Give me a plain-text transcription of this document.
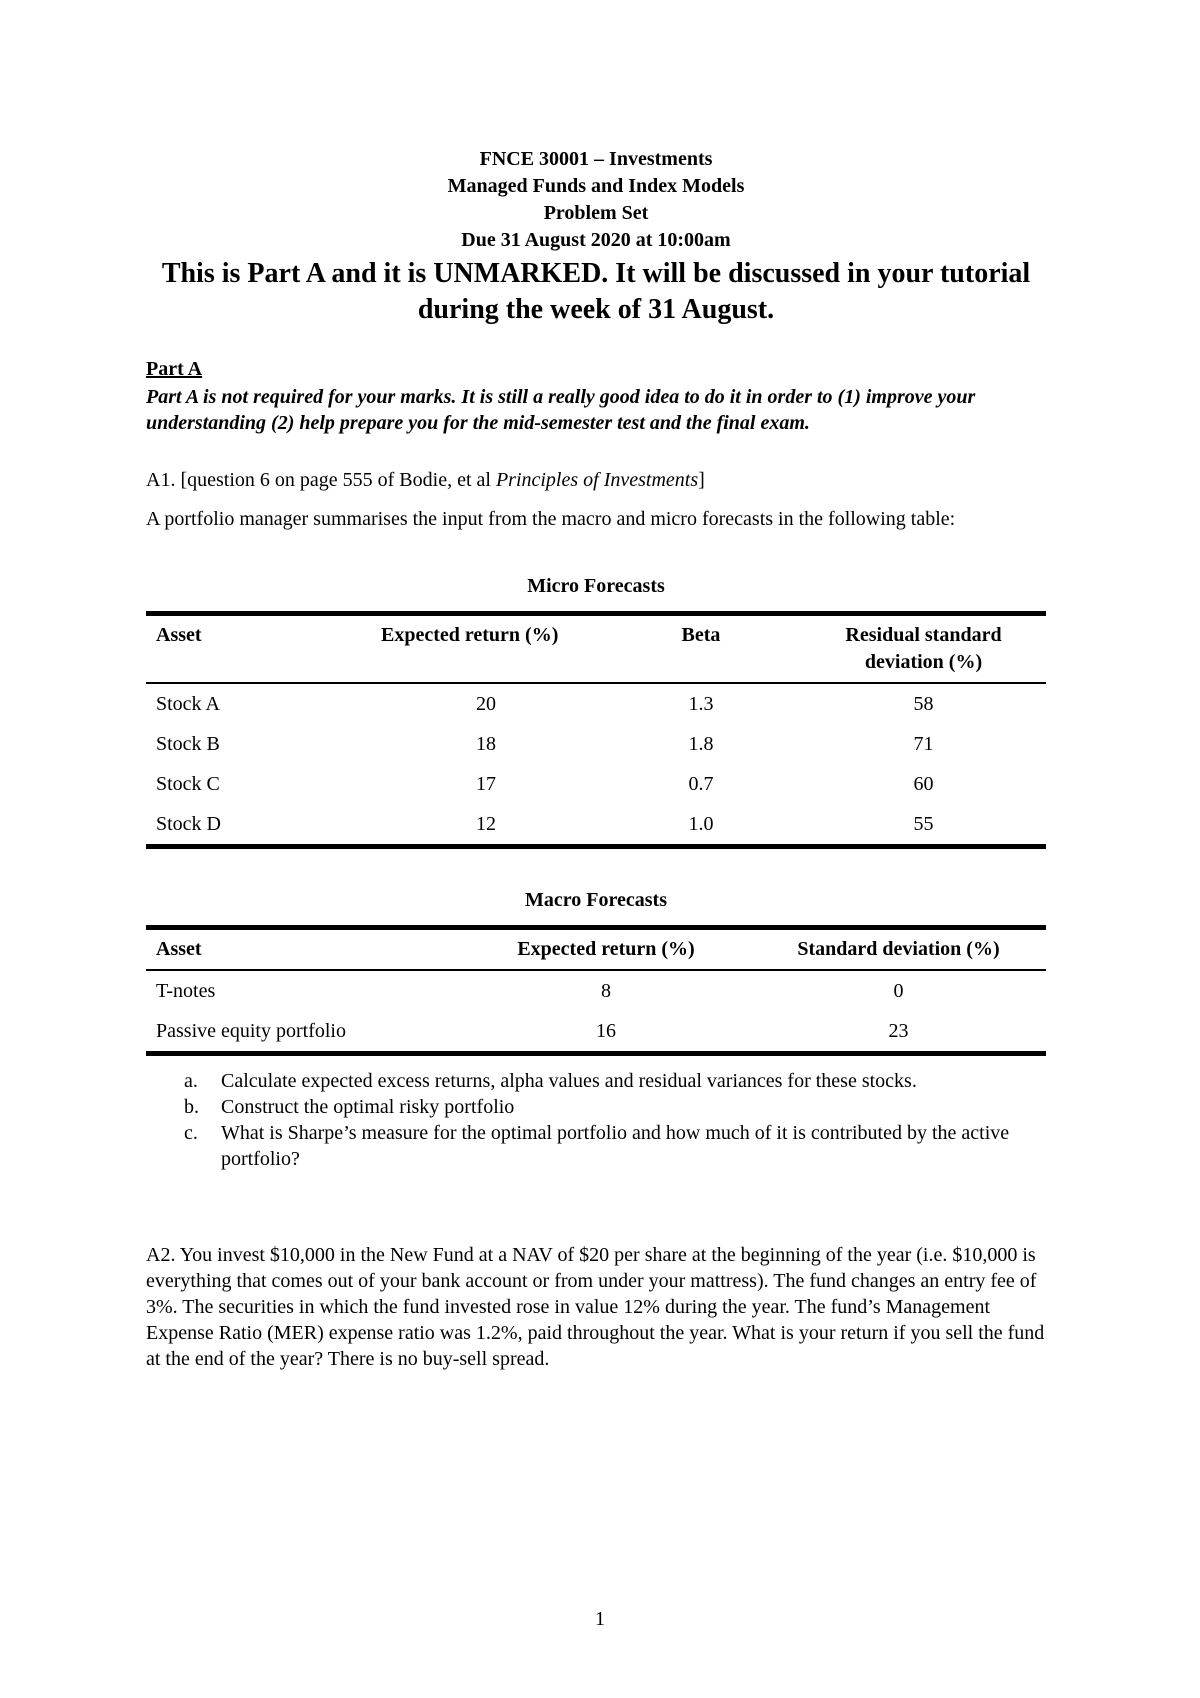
FNCE 30001 – Investments
Managed Funds and Index Models
Problem Set
Due 31 August 2020 at 10:00am
This is Part A and it is UNMARKED. It will be discussed in your tutorial during the week of 31 August.
Part A
Part A is not required for your marks. It is still a really good idea to do it in order to (1) improve your understanding (2) help prepare you for the mid-semester test and the final exam.
A1. [question 6 on page 555 of Bodie, et al Principles of Investments]
A portfolio manager summarises the input from the macro and micro forecasts in the following table:
Micro Forecasts
Asset	Expected return (%)	Beta	Residual standard deviation (%)
Stock A	20	1.3	58
Stock B	18	1.8	71
Stock C	17	0.7	60
Stock D	12	1.0	55
Macro Forecasts
Asset	Expected return (%)	Standard deviation (%)
T-notes	8	0
Passive equity portfolio	16	23
a. Calculate expected excess returns, alpha values and residual variances for these stocks.
b. Construct the optimal risky portfolio
c. What is Sharpe’s measure for the optimal portfolio and how much of it is contributed by the active portfolio?
A2. You invest $10,000 in the New Fund at a NAV of $20 per share at the beginning of the year (i.e. $10,000 is everything that comes out of your bank account or from under your mattress). The fund changes an entry fee of 3%. The securities in which the fund invested rose in value 12% during the year. The fund’s Management Expense Ratio (MER) expense ratio was 1.2%, paid throughout the year. What is your return if you sell the fund at the end of the year? There is no buy-sell spread.
1
